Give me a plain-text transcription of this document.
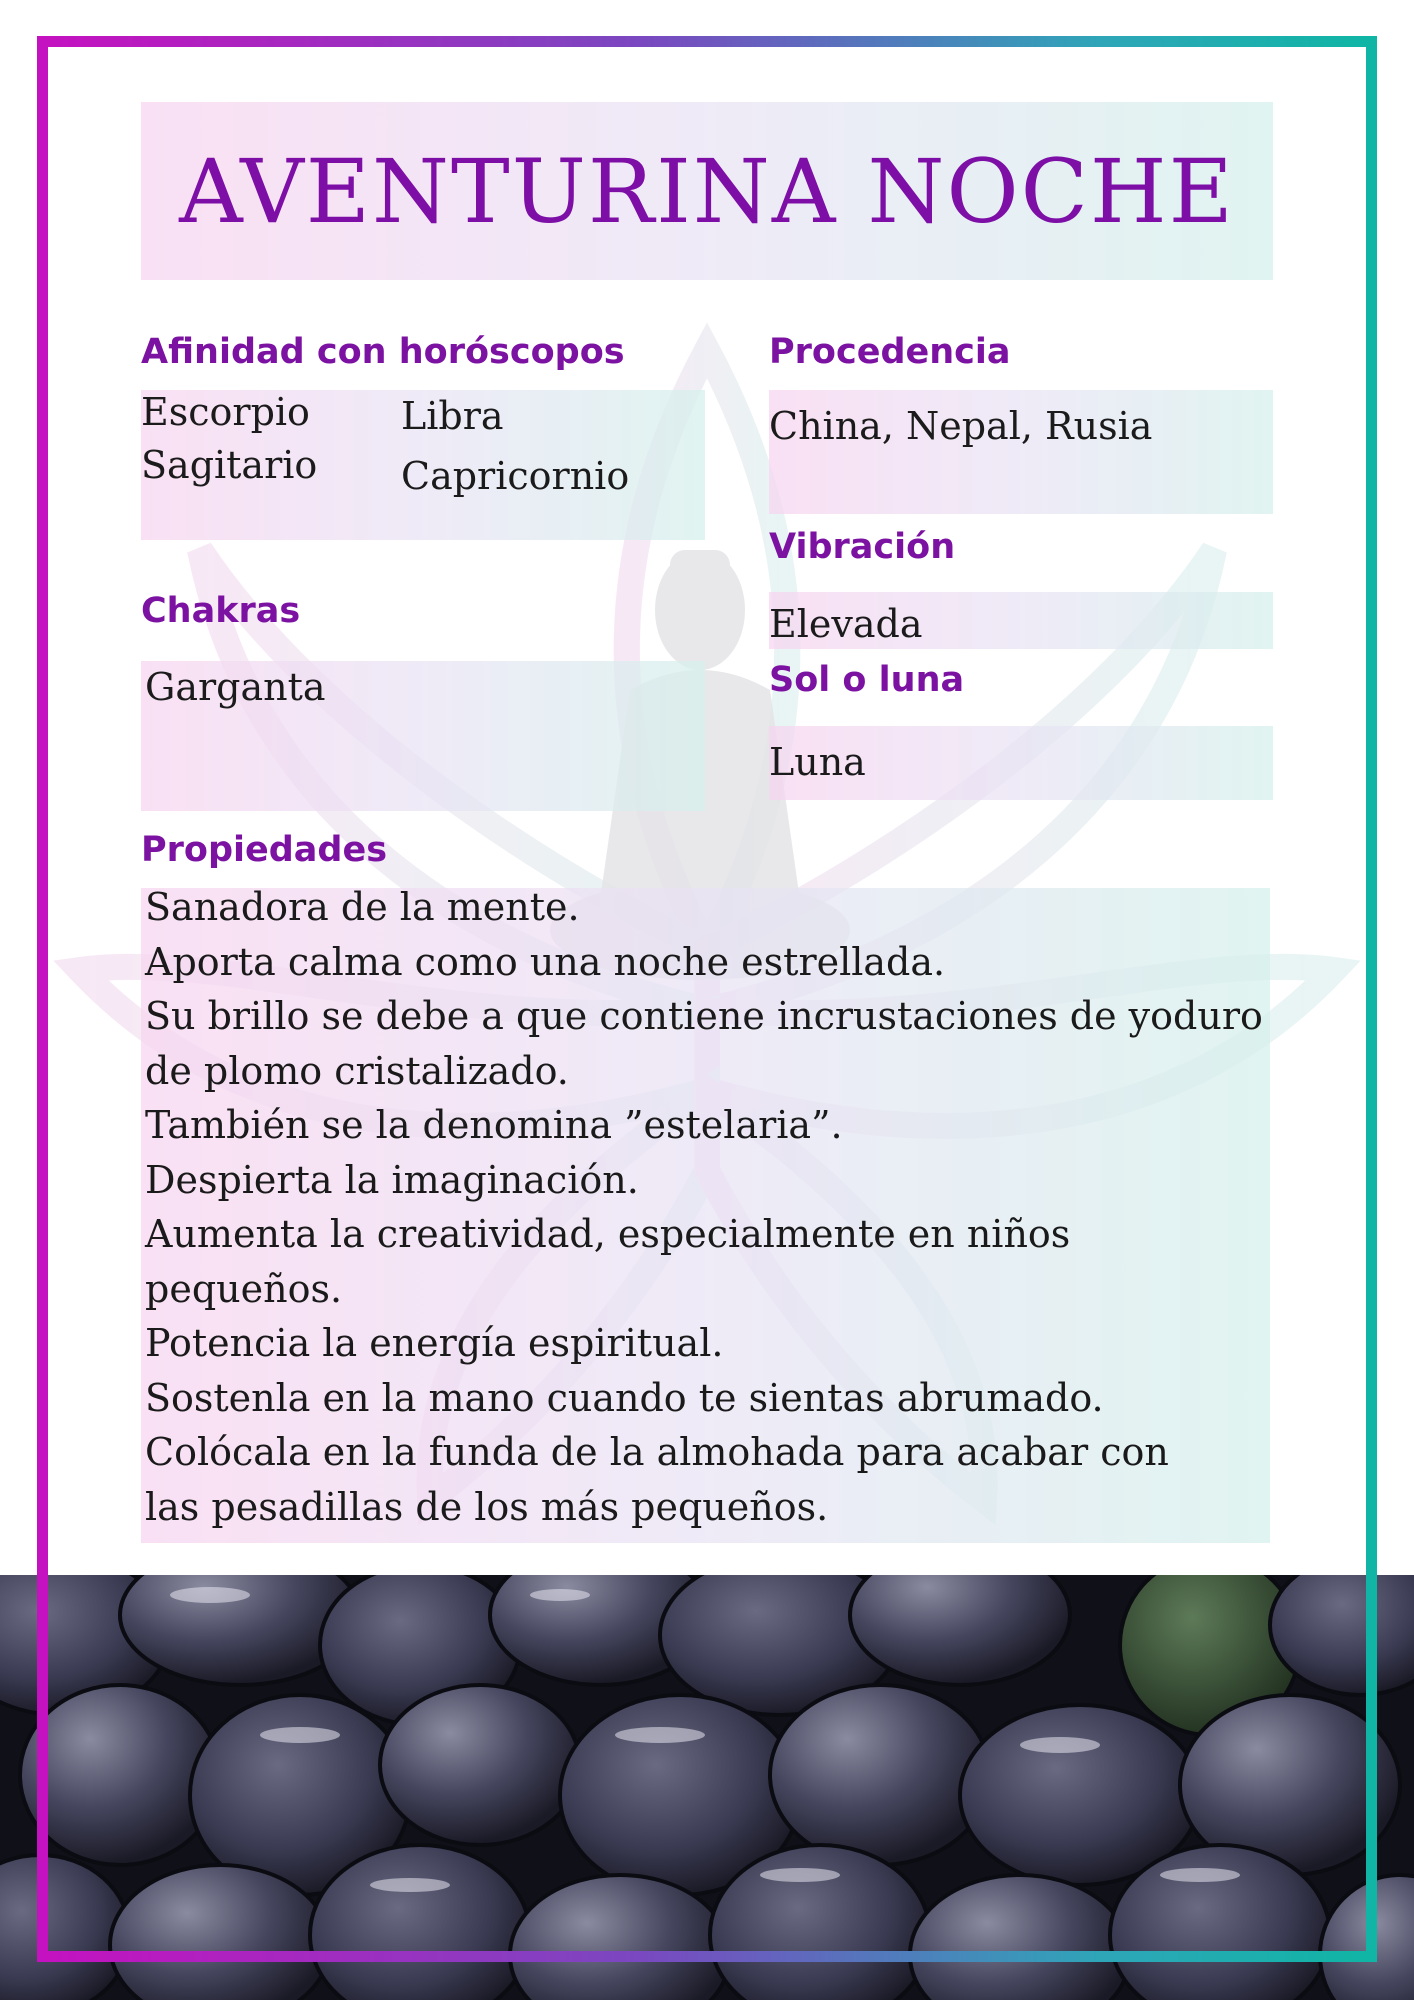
AVENTURINA NOCHE
Afinidad con horóscopos
Escorpio
Sagitario
Libra
Capricornio
Procedencia
China, Nepal, Rusia
Vibración
Elevada
Chakras
Garganta	Sol o luna
Luna
Propiedades
Sanadora de la mente.
Aporta calma como una noche estrellada.
Su brillo se debe a que contiene incrustaciones de yoduro
de plomo cristalizado.
También se la denomina ”estelaria”.
Despierta la imaginación.
Aumenta la creatividad, especialmente en niños
pequeños.
Potencia la energía espiritual.
Sostenla en la mano cuando te sientas abrumado.
Colócala en la funda de la almohada para acabar con
las pesadillas de los más pequeños.
